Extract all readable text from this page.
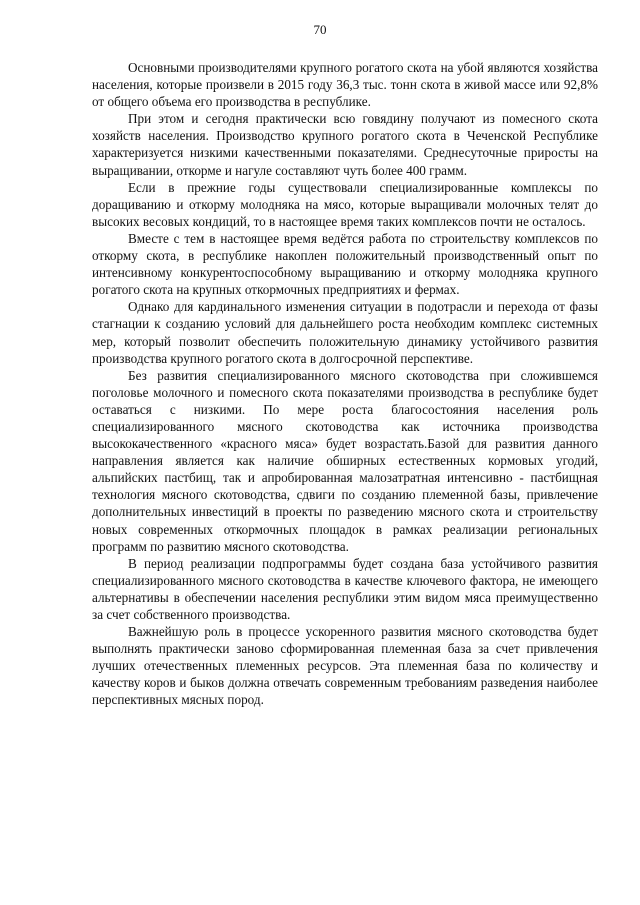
70

Основными производителями крупного рогатого скота на убой являются хозяйства населения, которые произвели в 2015 году 36,3 тыс. тонн скота в живой массе или 92,8% от общего объема его производства в республике.

При этом и сегодня практически всю говядину получают из помесного скота хозяйств населения. Производство крупного рогатого скота в Чеченской Республике характеризуется низкими качественными показателями. Среднесуточные приросты на выращивании, откорме и нагуле составляют чуть более 400 грамм.

Если в прежние годы существовали специализированные комплексы по доращиванию и откорму молодняка на мясо, которые выращивали молочных телят до высоких весовых кондиций, то в настоящее время таких комплексов почти не осталось.

Вместе с тем в настоящее время ведётся работа по строительству комплексов по откорму скота, в республике накоплен положительный производственный опыт по интенсивному конкурентоспособному выращиванию и откорму молодняка крупного рогатого скота на крупных откормочных предприятиях и фермах.

Однако для кардинального изменения ситуации в подотрасли и перехода от фазы стагнации к созданию условий для дальнейшего роста необходим комплекс системных мер, который позволит обеспечить положительную динамику устойчивого развития производства крупного рогатого скота в долгосрочной перспективе.

Без развития специализированного мясного скотоводства при сложившемся поголовье молочного и помесного скота показателями производства в республике будет оставаться с низкими. По мере роста благосостояния населения роль специализированного мясного скотоводства как источника производства высококачественного «красного мяса» будет возрастать.Базой для развития данного направления является как наличие обширных естественных кормовых угодий, альпийских пастбищ, так и апробированная малозатратная интенсивно - пастбищная технология мясного скотоводства, сдвиги по созданию племенной базы, привлечение дополнительных инвестиций в проекты по разведению мясного скота и строительству новых современных откормочных площадок в рамках реализации региональных программ по развитию мясного скотоводства.

В период реализации подпрограммы будет создана база устойчивого развития специализированного мясного скотоводства в качестве ключевого фактора, не имеющего альтернативы в обеспечении населения республики этим видом мяса преимущественно за счет собственного производства.

Важнейшую роль в процессе ускоренного развития мясного скотоводства будет выполнять практически заново сформированная племенная база за счет привлечения лучших отечественных племенных ресурсов. Эта племенная база по количеству и качеству коров и быков должна отвечать современным требованиям разведения наиболее перспективных мясных пород.
